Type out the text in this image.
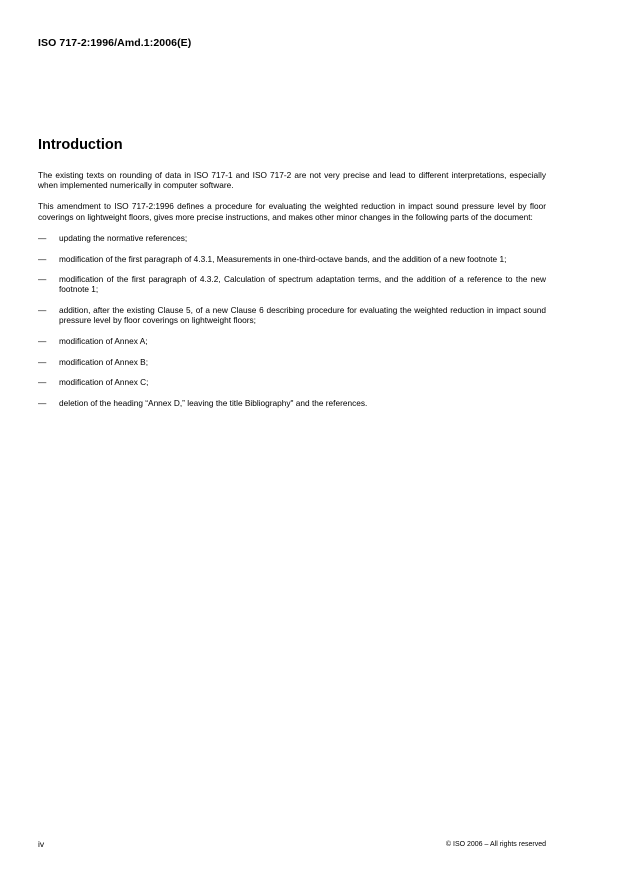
ISO 717-2:1996/Amd.1:2006(E)
Introduction

The existing texts on rounding of data in ISO 717-1 and ISO 717-2 are not very precise and lead to different interpretations, especially when implemented numerically in computer software.

This amendment to ISO 717-2:1996 defines a procedure for evaluating the weighted reduction in impact sound pressure level by floor coverings on lightweight floors, gives more precise instructions, and makes other minor changes in the following parts of the document:

— updating the normative references;
— modification of the first paragraph of 4.3.1, Measurements in one-third-octave bands, and the addition of a new footnote 1;
— modification of the first paragraph of 4.3.2, Calculation of spectrum adaptation terms, and the addition of a reference to the new footnote 1;
— addition, after the existing Clause 5, of a new Clause 6 describing procedure for evaluating the weighted reduction in impact sound pressure level by floor coverings on lightweight floors;
— modification of Annex A;
— modification of Annex B;
— modification of Annex C;
— deletion of the heading “Annex D,” leaving the title Bibliography" and the references.
iv	© ISO 2006 – All rights reserved
